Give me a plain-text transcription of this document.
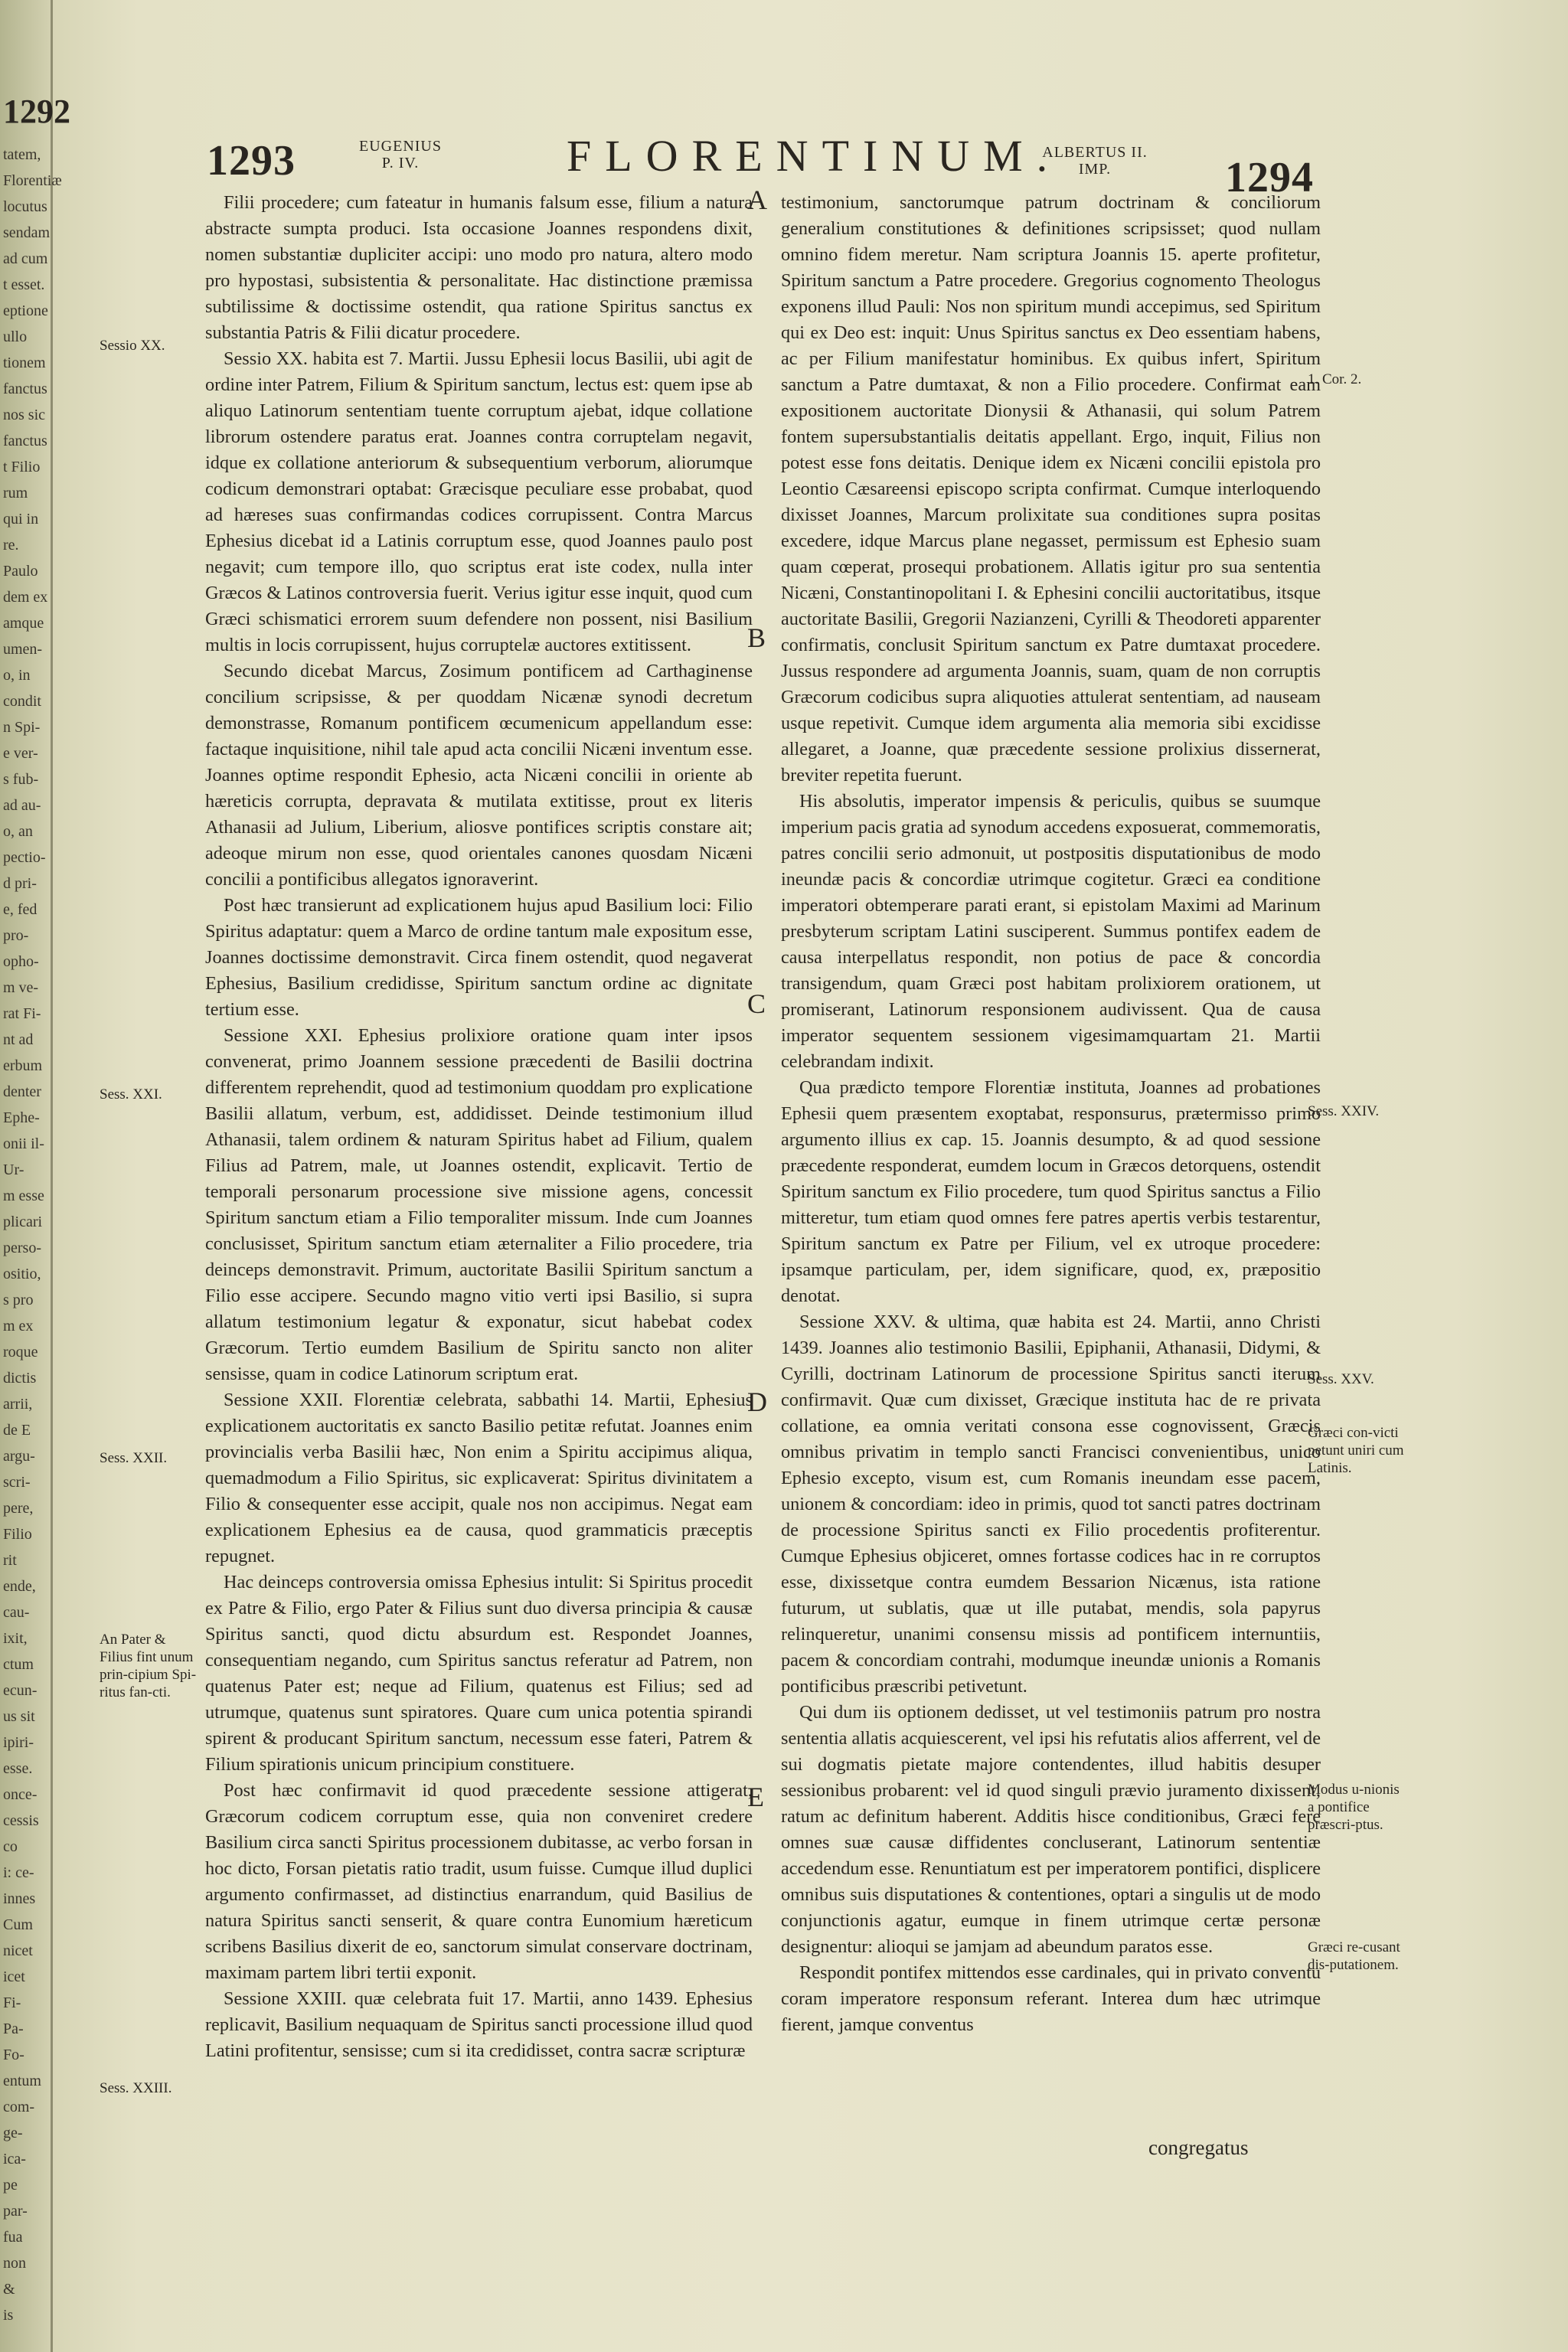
1292
tatem,
Florentiæ
locutus
sendam
ad cum
t esset.
eptione
ullo
tionem
fanctus
nos sic
fanctus
t Filio
rum
qui in
re.
Paulo
dem ex
amque
umen-
o, in
condit
n Spi-
e ver-
s fub-
ad au-
o, an
pectio-
d pri-
e, fed
pro-
opho-
m ve-
rat Fi-
nt ad
erbum
denter
Ephe-
onii il-
Ur-
m esse
plicari
perso-
ositio,
s pro
m ex
roque
dictis
arrii,
de E
argu-
scri-
pere,
Filio
rit
ende,
cau-
ixit,
ctum
ecun-
us sit
ipiri-
esse.
once-
cessis
co
i: ce-
innes
Cum
nicet
icet
Fi-
Pa-
Fo-
entum
com-
ge-
ica-
pe
par-
fua
non
&
is
1293	EUGENIUS
P. IV.	FLORENTINUM.
ALBERTUS II.
IMP.	1294
Sessio XX.
Sess. XXI.
Sess. XXII.
An Pater & Filius fint unum prin-cipium Spi-ritus fan-cti.
Sess. XXIII.
1. Cor. 2.
Sess. XXIV.
Sess. XXV.
Græci con-victi petunt uniri cum Latinis.
Modus u-nionis a pontifice præscri-ptus.
Græci re-cusant dis-putationem.
A
B
C
D
E

Filii procedere; cum fateatur in humanis falsum esse, filium a natura abstracte sumpta produci. Ista occasione Joannes respondens dixit, nomen substantiæ dupliciter accipi: uno modo pro natura, altero modo pro hypostasi, subsistentia & personalitate. Hac distinctione præmissa subtilissime & doctissime ostendit, qua ratione Spiritus sanctus ex substantia Patris & Filii dicatur procedere.

Sessio XX. habita est 7. Martii. Jussu Ephesii locus Basilii, ubi agit de ordine inter Patrem, Filium & Spiritum sanctum, lectus est: quem ipse ab aliquo Latinorum sententiam tuente corruptum ajebat, idque collatione librorum ostendere paratus erat. Joannes contra corruptelam negavit, idque ex collatione anteriorum & subsequentium verborum, aliorumque codicum demonstrari optabat: Græcisque peculiare esse probabat, quod ad hæreses suas confirmandas codices corrupissent. Contra Marcus Ephesius dicebat id a Latinis corruptum esse, quod Joannes paulo post negavit; cum tempore illo, quo scriptus erat iste codex, nulla inter Græcos & Latinos controversia fuerit. Verius igitur esse inquit, quod cum Græci schismatici errorem suum defendere non possent, nisi Basilium multis in locis corrupissent, hujus corruptelæ auctores extitissent.

Secundo dicebat Marcus, Zosimum pontificem ad Carthaginense concilium scripsisse, & per quoddam Nicænæ synodi decretum demonstrasse, Romanum pontificem œcumenicum appellandum esse: factaque inquisitione, nihil tale apud acta concilii Nicæni inventum esse. Joannes optime respondit Ephesio, acta Nicæni concilii in oriente ab hæreticis corrupta, depravata & mutilata extitisse, prout ex literis Athanasii ad Julium, Liberium, aliosve pontifices scriptis constare ait; adeoque mirum non esse, quod orientales canones quosdam Nicæni concilii a pontificibus allegatos ignoraverint.

Post hæc transierunt ad explicationem hujus apud Basilium loci: Filio Spiritus adaptatur: quem a Marco de ordine tantum male expositum esse, Joannes doctissime demonstravit. Circa finem ostendit, quod negaverat Ephesius, Basilium credidisse, Spiritum sanctum ordine ac dignitate tertium esse.

Sessione XXI. Ephesius prolixiore oratione quam inter ipsos convenerat, primo Joannem sessione præcedenti de Basilii doctrina differentem reprehendit, quod ad testimonium quoddam pro explicatione Basilii allatum, verbum, est, addidisset. Deinde testimonium illud Athanasii, talem ordinem & naturam Spiritus habet ad Filium, qualem Filius ad Patrem, male, ut Joannes ostendit, explicavit. Tertio de temporali personarum processione sive missione agens, concessit Spiritum sanctum etiam a Filio temporaliter missum. Inde cum Joannes conclusisset, Spiritum sanctum etiam æternaliter a Filio procedere, tria deinceps demonstravit. Primum, auctoritate Basilii Spiritum sanctum a Filio esse accipere. Secundo magno vitio verti ipsi Basilio, si supra allatum testimonium legatur & exponatur, sicut habebat codex Græcorum. Tertio eumdem Basilium de Spiritu sancto non aliter sensisse, quam in codice Latinorum scriptum erat.

Sessione XXII. Florentiæ celebrata, sabbathi 14. Martii, Ephesius explicationem auctoritatis ex sancto Basilio petitæ refutat. Joannes enim provincialis verba Basilii hæc, Non enim a Spiritu accipimus aliqua, quemadmodum a Filio Spiritus, sic explicaverat: Spiritus divinitatem a Filio & consequenter esse accipit, quale nos non accipimus. Negat eam explicationem Ephesius ea de causa, quod grammaticis præceptis repugnet.

Hac deinceps controversia omissa Ephesius intulit: Si Spiritus procedit ex Patre & Filio, ergo Pater & Filius sunt duo diversa principia & causæ Spiritus sancti, quod dictu absurdum est. Respondet Joannes, consequentiam negando, cum Spiritus sanctus referatur ad Patrem, non quatenus Pater est; neque ad Filium, quatenus est Filius; sed ad utrumque, quatenus sunt spiratores. Quare cum unica potentia spirandi spirent & producant Spiritum sanctum, necessum esse fateri, Patrem & Filium spirationis unicum principium constituere.

Post hæc confirmavit id quod præcedente sessione attigerat, Græcorum codicem corruptum esse, quia non conveniret credere Basilium circa sancti Spiritus processionem dubitasse, ac verbo forsan in hoc dicto, Forsan pietatis ratio tradit, usum fuisse. Cumque illud duplici argumento confirmasset, ad distinctius enarrandum, quid Basilius de natura Spiritus sancti senserit, & quare contra Eunomium hæreticum scribens Basilius dixerit de eo, sanctorum simulat conservare doctrinam, maximam partem libri tertii exponit.

Sessione XXIII. quæ celebrata fuit 17. Martii, anno 1439. Ephesius replicavit, Basilium nequaquam de Spiritus sancti processione illud quod Latini profitentur, sensisse; cum si ita credidisset, contra sacræ scripturæ

testimonium, sanctorumque patrum doctrinam & conciliorum generalium constitutiones & definitiones scripsisset; quod nullam omnino fidem meretur. Nam scriptura Joannis 15. aperte profitetur, Spiritum sanctum a Patre procedere. Gregorius cognomento Theologus exponens illud Pauli: Nos non spiritum mundi accepimus, sed Spiritum qui ex Deo est: inquit: Unus Spiritus sanctus ex Deo essentiam habens, ac per Filium manifestatur hominibus. Ex quibus infert, Spiritum sanctum a Patre dumtaxat, & non a Filio procedere. Confirmat eam expositionem auctoritate Dionysii & Athanasii, qui solum Patrem fontem supersubstantialis deitatis appellant. Ergo, inquit, Filius non potest esse fons deitatis. Denique idem ex Nicæni concilii epistola pro Leontio Cæsareensi episcopo scripta confirmat. Cumque interloquendo dixisset Joannes, Marcum prolixitate sua conditiones supra positas excedere, idque Marcus plane negasset, permissum est Ephesio suam quam cœperat, prosequi probationem. Allatis igitur pro sua sententia Nicæni, Constantinopolitani I. & Ephesini concilii auctoritatibus, itsque auctoritate Basilii, Gregorii Nazianzeni, Cyrilli & Theodoreti apparenter confirmatis, conclusit Spiritum sanctum ex Patre dumtaxat procedere. Jussus respondere ad argumenta Joannis, suam, quam de non corruptis Græcorum codicibus supra aliquoties attulerat sententiam, ad nauseam usque repetivit. Cumque idem argumenta alia memoria sibi excidisse allegaret, a Joanne, quæ præcedente sessione prolixius dissernerat, breviter repetita fuerunt.

His absolutis, imperator impensis & periculis, quibus se suumque imperium pacis gratia ad synodum accedens exposuerat, commemoratis, patres concilii serio admonuit, ut postpositis disputationibus de modo ineundæ pacis & concordiæ utrimque cogitetur. Græci ea conditione imperatori obtemperare parati erant, si epistolam Maximi ad Marinum presbyterum scriptam Latini susciperent. Summus pontifex eadem de causa interpellatus respondit, non potius de pace & concordia transigendum, quam Græci post habitam prolixiorem orationem, ut promiserant, Latinorum responsionem audivissent. Qua de causa imperator sequentem sessionem vigesimamquartam 21. Martii celebrandam indixit.

Qua prædicto tempore Florentiæ instituta, Joannes ad probationes Ephesii quem præsentem exoptabat, responsurus, prætermisso primo argumento illius ex cap. 15. Joannis desumpto, & ad quod sessione præcedente responderat, eumdem locum in Græcos detorquens, ostendit Spiritum sanctum ex Filio procedere, tum quod Spiritus sanctus a Filio mitteretur, tum etiam quod omnes fere patres apertis verbis testarentur, Spiritum sanctum ex Patre per Filium, vel ex utroque procedere: ipsamque particulam, per, idem significare, quod, ex, præpositio denotat.

Sessione XXV. & ultima, quæ habita est 24. Martii, anno Christi 1439. Joannes alio testimonio Basilii, Epiphanii, Athanasii, Didymi, & Cyrilli, doctrinam Latinorum de processione Spiritus sancti iterum confirmavit. Quæ cum dixisset, Græcique instituta hac de re privata collatione, ea omnia veritati consona esse cognovissent, Græcis omnibus privatim in templo sancti Francisci convenientibus, unico Ephesio excepto, visum est, cum Romanis ineundam esse pacem, unionem & concordiam: ideo in primis, quod tot sancti patres doctrinam de processione Spiritus sancti ex Filio procedentis profiterentur. Cumque Ephesius objiceret, omnes fortasse codices hac in re corruptos esse, dixissetque contra eumdem Bessarion Nicænus, ista ratione futurum, ut sublatis, quæ ut ille putabat, mendis, sola papyrus relinqueretur, unanimi consensu missis ad pontificem internuntiis, pacem & concordiam contrahi, modumque ineundæ unionis a Romanis pontificibus præscribi petivetunt.

Qui dum iis optionem dedisset, ut vel testimoniis patrum pro nostra sententia allatis acquiescerent, vel ipsi his refutatis alios afferrent, vel de sui dogmatis pietate majore contendentes, illud habitis desuper sessionibus probarent: vel id quod singuli prævio juramento dixissent, ratum ac definitum haberent. Additis hisce conditionibus, Græci fere omnes suæ causæ diffidentes concluserant, Latinorum sententiæ accedendum esse. Renuntiatum est per imperatorem pontifici, displicere omnibus suis disputationes & contentiones, optari a singulis ut de modo conjunctionis agatur, eumque in finem utrimque certæ personæ designentur: alioqui se jamjam ad abeundum paratos esse.

Respondit pontifex mittendos esse cardinales, qui in privato conventu coram imperatore responsum referant. Interea dum hæc utrimque fierent, jamque conventus

congregatus
